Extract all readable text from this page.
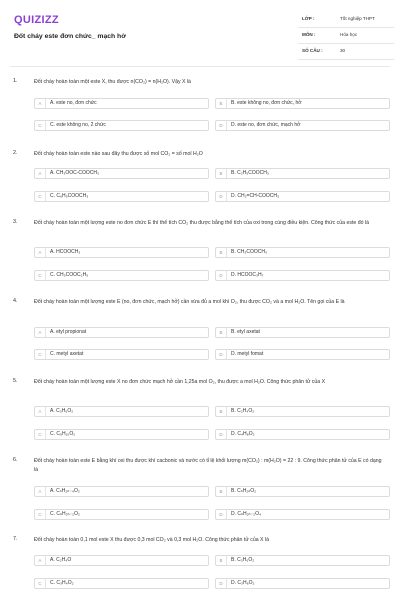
QUIZIZZ
Đốt cháy este đơn chức_ mạch hở
LỚP :	Tốt nghiệp THPT
MÔN :	Hóa học
SỐ CÂU :	30
1.	Đốt cháy hoàn toàn một este X, thu được n(CO₂) = n(H₂O). Vậy X là
A	A. este no, đơn chức	B	B. este không no, đơn chức, hở
C	C. este không no, 2 chức	D	D. este no, đơn chức, mạch hở
2.	Đốt cháy hoàn toàn este nào sau đây thu được số mol CO₂ = số mol H₂O
A	A. CH₃OOC-COOCH₃	B	B. C₂H₅COOCH₃
C	C. C₆H₅COOCH₃	D	D. CH₂=CH-COOCH₃
3.	Đốt cháy hoàn toàn một lượng este no đơn chức E thì thể tích CO₂ thu được bằng thể tích của oxi trong cùng điều kiện. Công thức của este đó là
A	A. HCOOCH₃	B	B. CH₃COOCH₃
C	C. CH₃COOC₂H₅	D	D. HCOOC₃H₇
4.	Đốt cháy hoàn toàn một lượng este E (no, đơn chức, mạch hở) cần vừa đủ a mol khí O₂, thu được CO₂ và a mol H₂O. Tên gọi của E là
A	A. etyl propionat	B	B. etyl axetat
C	C. metyl axetat	D	D. metyl fomat
5.	Đốt cháy hoàn toàn một lượng este X no đơn chức mạch hở cần 1,25a mol O₂, thu được a mol H₂O. Công thức phân tử của X
A	A. C₃H₆O₂	B	B. C₂H₄O₂
C	C. C₅H₁₀O₂	D	D. C₄H₈O₂
6.	Đốt cháy hoàn toàn este E bằng khí oxi thu được khí cacbonic và nước có tỉ lệ khối lượng m(CO₂) : m(H₂O) = 22 : 9. Công thức phân tử của E có dạng là
A	A. CₙH₂ₙ₋₄O₂	B	B. CₙH₂ₙO₂
C	C. CₙH₂ₙ₋₂O₂	D	D. CₙH₂ₙ₋₂O₄
7.	Đốt cháy hoàn toàn 0,1 mol este X thu được 0,3 mol CO₂ và 0,3 mol H₂O. Công thức phân tử của X là
A	A. C₂H₄O	B	B. C₃H₆O₂
C	C. C₃H₄O₂	D	D. C₃H₆O₂
